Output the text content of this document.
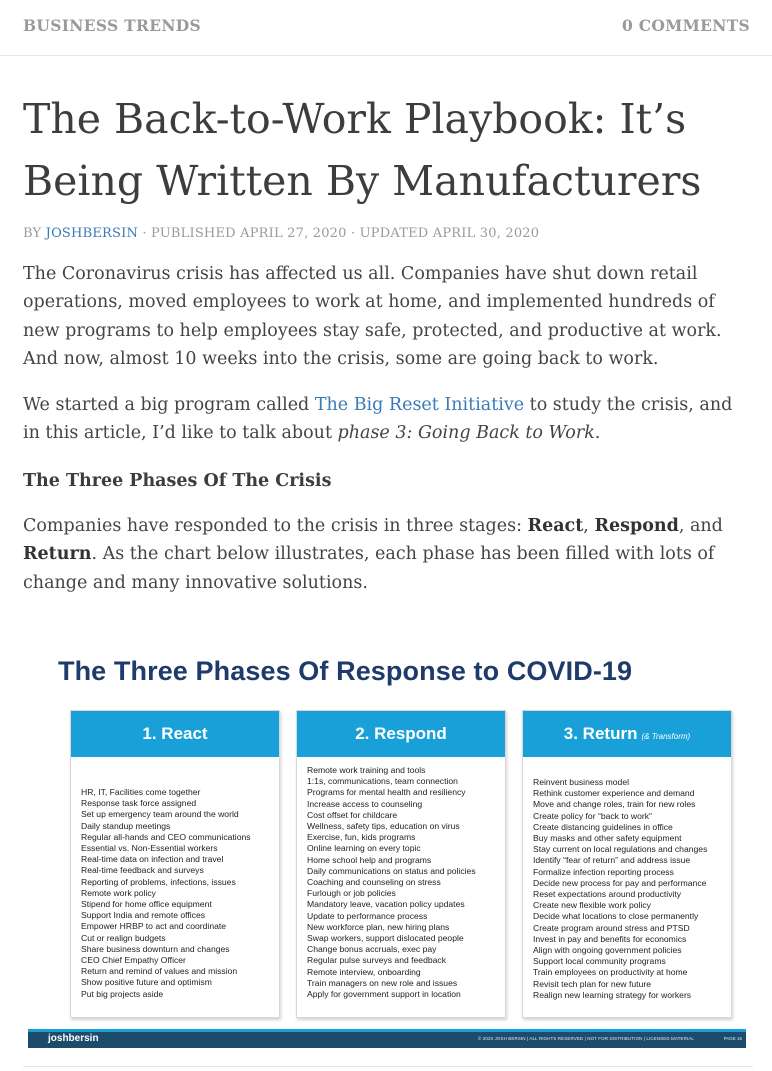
BUSINESS TRENDS	0 COMMENTS
The Back-to-Work Playbook: It’s Being Written By Manufacturers
BY JOSHBERSIN · PUBLISHED APRIL 27, 2020 · UPDATED APRIL 30, 2020

The Coronavirus crisis has affected us all. Companies have shut down retail operations, moved employees to work at home, and implemented hundreds of new programs to help employees stay safe, protected, and productive at work. And now, almost 10 weeks into the crisis, some are going back to work.

We started a big program called The Big Reset Initiative to study the crisis, and in this article, I’d like to talk about phase 3: Going Back to Work.

The Three Phases Of The Crisis

Companies have responded to the crisis in three stages: React, Respond, and Return. As the chart below illustrates, each phase has been filled with lots of change and many innovative solutions.

The Three Phases Of Response to COVID-19
1. React
HR, IT, Facilities come together
Response task force assigned
Set up emergency team around the world
Daily standup meetings
Regular all-hands and CEO communications
Essential vs. Non-Essential workers
Real-time data on infection and travel
Real-time feedback and surveys
Reporting of problems, infections, issues
Remote work policy
Stipend for home office equipment
Support India and remote offices
Empower HRBP to act and coordinate
Cut or realign budgets
Share business downturn and changes
CEO Chief Empathy Officer
Return and remind of values and mission
Show positive future and optimism
Put big projects aside
2. Respond
Remote work training and tools
1:1s, communications, team connection
Programs for mental health and resiliency
Increase access to counseling
Cost offset for childcare
Wellness, safety tips, education on virus
Exercise, fun, kids programs
Online learning on every topic
Home school help and programs
Daily communications on status and policies
Coaching and counseling on stress
Furlough or job policies
Mandatory leave, vacation policy updates
Update to performance process
New workforce plan, new hiring plans
Swap workers, support dislocated people
Change bonus accruals, exec pay
Regular pulse surveys and feedback
Remote interview, onboarding
Train managers on new role and issues
Apply for government support in location
3. Return (& Transform)
Reinvent business model
Rethink customer experience and demand
Move and change roles, train for new roles
Create policy for “back to work”
Create distancing guidelines in office
Buy masks and other safety equipment
Stay current on local regulations and changes
Identify “fear of return” and address issue
Formalize infection reporting process
Decide new process for pay and performance
Reset expectations around productivity
Create new flexible work policy
Decide what locations to close permanently
Create program around stress and PTSD
Invest in pay and benefits for economics
Align with ongoing government policies
Support local community programs
Train employees on productivity at home
Revisit tech plan for new future
Realign new learning strategy for workers
joshbersin	© 2020 JOSH BERSIN | ALL RIGHTS RESERVED | NOT FOR DISTRIBUTION | LICENSED MATERIAL	PAGE 16
